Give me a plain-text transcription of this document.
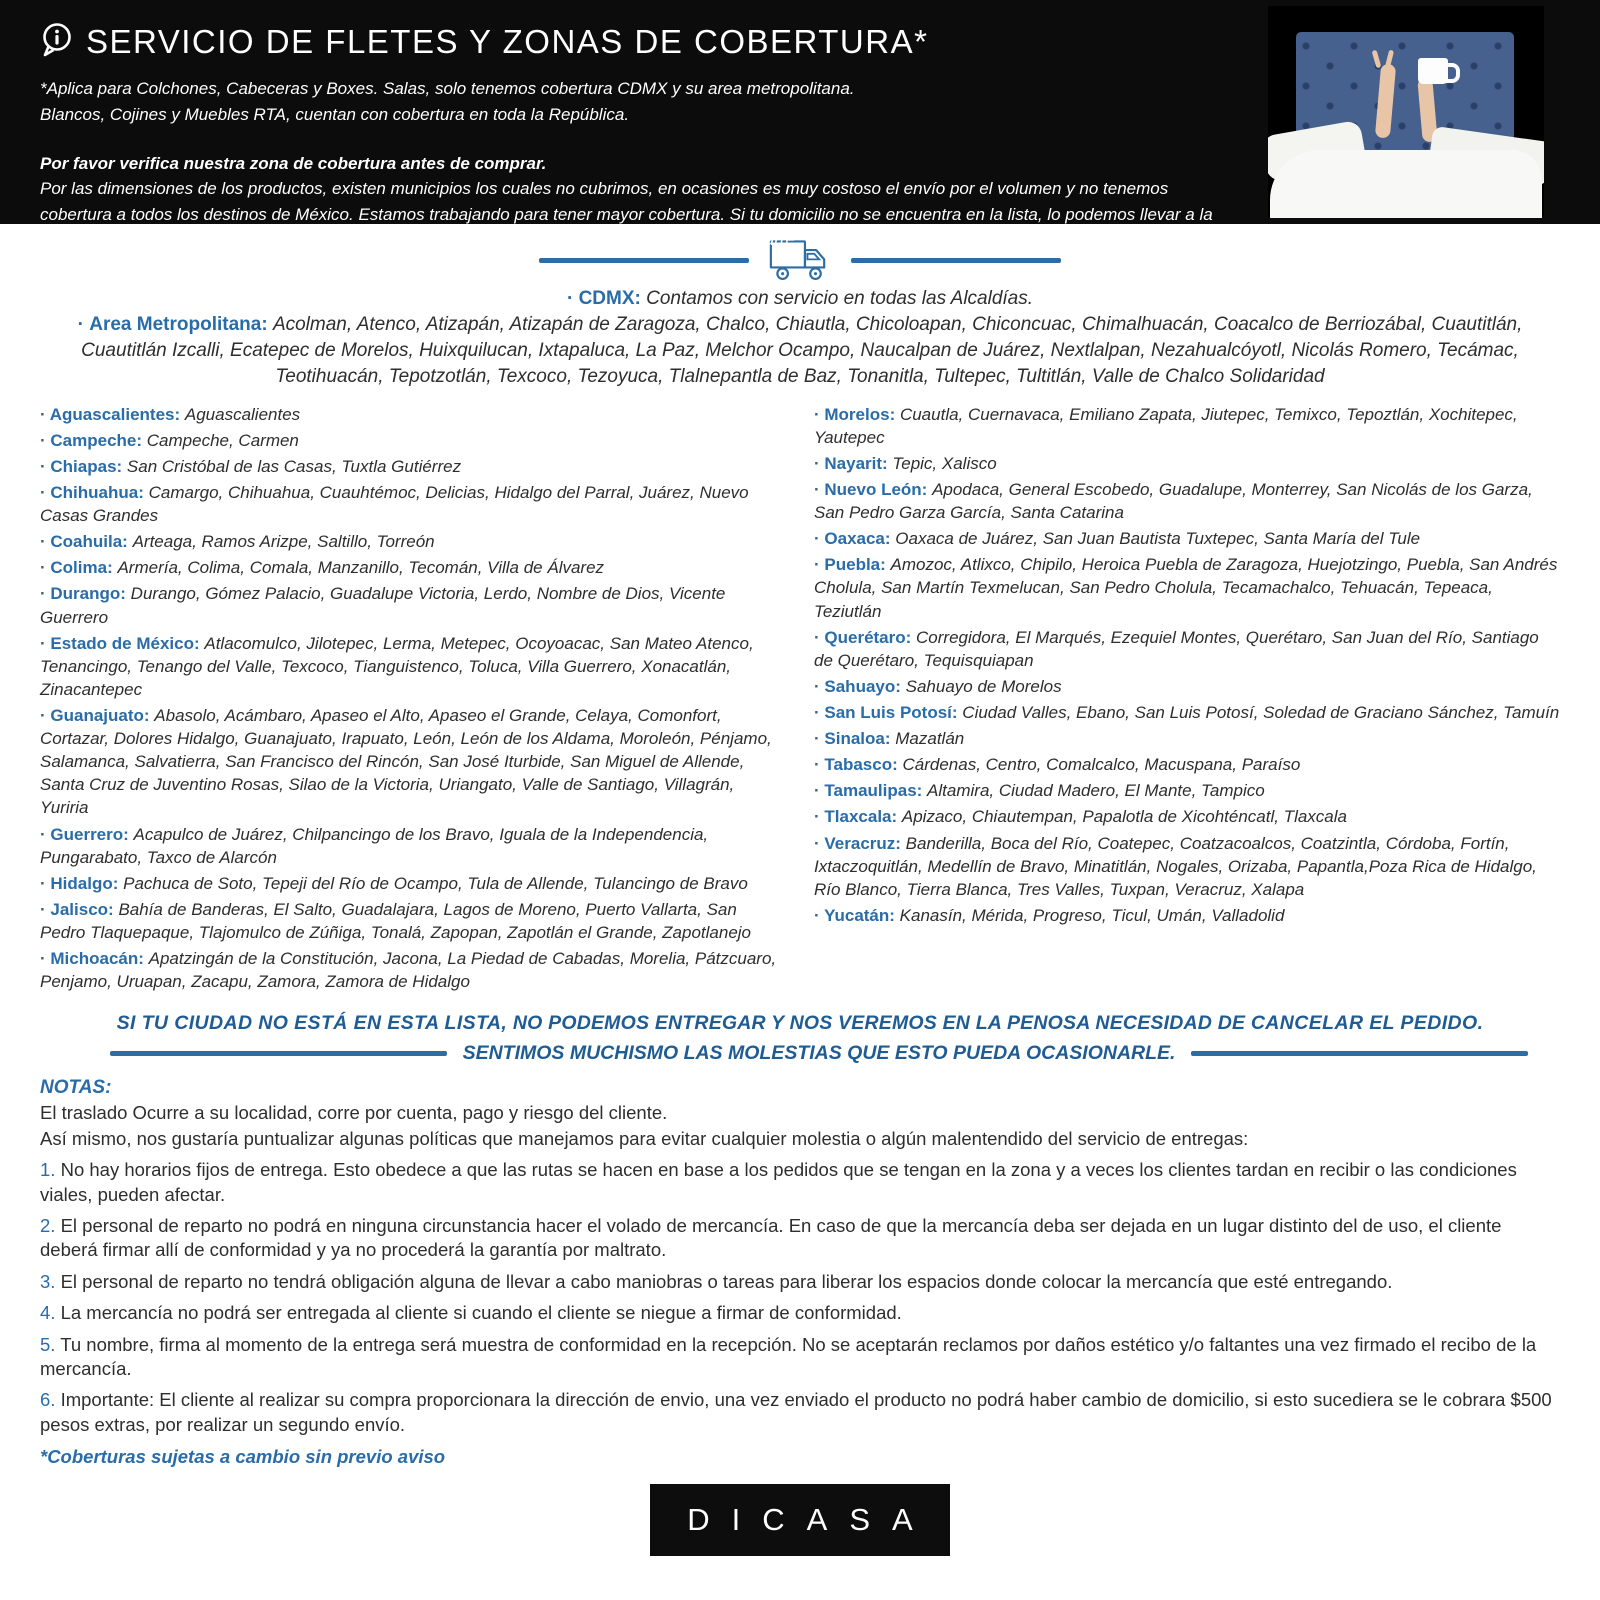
SERVICIO DE FLETES Y ZONAS DE COBERTURA*
*Aplica para Colchones, Cabeceras y Boxes. Salas, solo tenemos cobertura CDMX y su area metropolitana.
Blancos, Cojines y Muebles RTA, cuentan con cobertura en toda la República.
Por favor verifica nuestra zona de cobertura antes de comprar.
Por las dimensiones de los productos, existen municipios los cuales no cubrimos, en ocasiones es muy costoso el envío por el volumen y no tenemos cobertura a todos los destinos de México. Estamos trabajando para tener mayor cobertura. Si tu domicilio no se encuentra en la lista, lo podemos llevar a la ciudad más cercana para que de ahí, tú puedas recoger la mercancía. Esto se llama servicio Ocurre.
· CDMX: Contamos con servicio en todas las Alcaldías.
· Area Metropolitana: Acolman, Atenco, Atizapán, Atizapán de Zaragoza, Chalco, Chiautla, Chicoloapan, Chiconcuac, Chimalhuacán, Coacalco de Berriozábal, Cuautitlán, Cuautitlán Izcalli, Ecatepec de Morelos, Huixquilucan, Ixtapaluca, La Paz, Melchor Ocampo, Naucalpan de Juárez, Nextlalpan, Nezahualcóyotl, Nicolás Romero, Tecámac, Teotihuacán, Tepotzotlán, Texcoco, Tezoyuca, Tlalnepantla de Baz, Tonanitla, Tultepec, Tultitlán, Valle de Chalco Solidaridad

· Aguascalientes: Aguascalientes

· Campeche: Campeche, Carmen

· Chiapas: San Cristóbal de las Casas, Tuxtla Gutiérrez

· Chihuahua: Camargo, Chihuahua, Cuauhtémoc, Delicias, Hidalgo del Parral, Juárez, Nuevo Casas Grandes

· Coahuila: Arteaga, Ramos Arizpe, Saltillo, Torreón

· Colima: Armería, Colima, Comala, Manzanillo, Tecomán, Villa de Álvarez

· Durango: Durango, Gómez Palacio, Guadalupe Victoria, Lerdo, Nombre de Dios, Vicente Guerrero

· Estado de México: Atlacomulco, Jilotepec, Lerma, Metepec, Ocoyoacac, San Mateo Atenco, Tenancingo, Tenango del Valle, Texcoco, Tianguistenco, Toluca, Villa Guerrero, Xonacatlán, Zinacantepec

· Guanajuato: Abasolo, Acámbaro, Apaseo el Alto, Apaseo el Grande, Celaya, Comonfort, Cortazar, Dolores Hidalgo, Guanajuato, Irapuato, León, León de los Aldama, Moroleón, Pénjamo, Salamanca, Salvatierra, San Francisco del Rincón, San José Iturbide, San Miguel de Allende, Santa Cruz de Juventino Rosas, Silao de la Victoria, Uriangato, Valle de Santiago, Villagrán, Yuriria

· Guerrero: Acapulco de Juárez, Chilpancingo de los Bravo, Iguala de la Independencia, Pungarabato, Taxco de Alarcón

· Hidalgo: Pachuca de Soto, Tepeji del Río de Ocampo, Tula de Allende, Tulancingo de Bravo

· Jalisco: Bahía de Banderas, El Salto, Guadalajara, Lagos de Moreno, Puerto Vallarta, San Pedro Tlaquepaque, Tlajomulco de Zúñiga, Tonalá, Zapopan, Zapotlán el Grande, Zapotlanejo

· Michoacán: Apatzingán de la Constitución, Jacona, La Piedad de Cabadas, Morelia, Pátzcuaro, Penjamo, Uruapan, Zacapu, Zamora, Zamora de Hidalgo

· Morelos: Cuautla, Cuernavaca, Emiliano Zapata, Jiutepec, Temixco, Tepoztlán, Xochitepec, Yautepec

· Nayarit: Tepic, Xalisco

· Nuevo León: Apodaca, General Escobedo, Guadalupe, Monterrey, San Nicolás de los Garza, San Pedro Garza García, Santa Catarina

· Oaxaca: Oaxaca de Juárez, San Juan Bautista Tuxtepec, Santa María del Tule

· Puebla: Amozoc, Atlixco, Chipilo, Heroica Puebla de Zaragoza, Huejotzingo, Puebla, San Andrés Cholula, San Martín Texmelucan, San Pedro Cholula, Tecamachalco, Tehuacán, Tepeaca, Teziutlán

· Querétaro: Corregidora, El Marqués, Ezequiel Montes, Querétaro, San Juan del Río, Santiago de Querétaro, Tequisquiapan

· Sahuayo: Sahuayo de Morelos

· San Luis Potosí: Ciudad Valles, Ebano, San Luis Potosí, Soledad de Graciano Sánchez, Tamuín

· Sinaloa: Mazatlán

· Tabasco: Cárdenas, Centro, Comalcalco, Macuspana, Paraíso

· Tamaulipas: Altamira, Ciudad Madero, El Mante, Tampico

· Tlaxcala: Apizaco, Chiautempan, Papalotla de Xicohténcatl, Tlaxcala

· Veracruz: Banderilla, Boca del Río, Coatepec, Coatzacoalcos, Coatzintla, Córdoba, Fortín, Ixtaczoquitlán, Medellín de Bravo, Minatitlán, Nogales, Orizaba, Papantla,Poza Rica de Hidalgo, Río Blanco, Tierra Blanca, Tres Valles, Tuxpan, Veracruz, Xalapa

· Yucatán: Kanasín, Mérida, Progreso, Ticul, Umán, Valladolid

SI TU CIUDAD NO ESTÁ EN ESTA LISTA, NO PODEMOS ENTREGAR Y NOS VEREMOS EN LA PENOSA NECESIDAD DE CANCELAR EL PEDIDO.
SENTIMOS MUCHISMO LAS MOLESTIAS QUE ESTO PUEDA OCASIONARLE.

NOTAS:

El traslado Ocurre a su localidad, corre por cuenta, pago y riesgo del cliente.

Así mismo, nos gustaría puntualizar algunas políticas que manejamos para evitar cualquier molestia o algún malentendido del servicio de entregas:

1. No hay horarios fijos de entrega. Esto obedece a que las rutas se hacen en base a los pedidos que se tengan en la zona y a veces los clientes tardan en recibir o las condiciones viales, pueden afectar.

2. El personal de reparto no podrá en ninguna circunstancia hacer el volado de mercancía. En caso de que la mercancía deba ser dejada en un lugar distinto del de uso, el cliente deberá firmar allí de conformidad y ya no procederá la garantía por maltrato.

3. El personal de reparto no tendrá obligación alguna de llevar a cabo maniobras o tareas para liberar los espacios donde colocar la mercancía que esté entregando.

4. La mercancía no podrá ser entregada al cliente si cuando el cliente se niegue a firmar de conformidad.

5. Tu nombre, firma al momento de la entrega será muestra de conformidad en la recepción. No se aceptarán reclamos por daños estético y/o faltantes una vez firmado el recibo de la mercancía.

6. Importante: El cliente al realizar su compra proporcionara la dirección de envio, una vez enviado el producto no podrá haber cambio de domicilio, si esto sucediera se le cobrara $500 pesos extras, por realizar un segundo envío.

*Coberturas sujetas a cambio sin previo aviso

DICASA
